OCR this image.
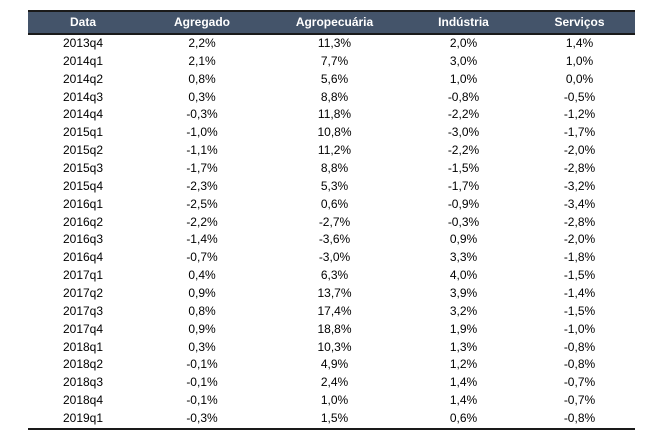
Data	Agregado	Agropecuária	Indústria	Serviços
2013q4	2,2%	11,3%	2,0%	1,4%
2014q1	2,1%	7,7%	3,0%	1,0%
2014q2	0,8%	5,6%	1,0%	0,0%
2014q3	0,3%	8,8%	-0,8%	-0,5%
2014q4	-0,3%	11,8%	-2,2%	-1,2%
2015q1	-1,0%	10,8%	-3,0%	-1,7%
2015q2	-1,1%	11,2%	-2,2%	-2,0%
2015q3	-1,7%	8,8%	-1,5%	-2,8%
2015q4	-2,3%	5,3%	-1,7%	-3,2%
2016q1	-2,5%	0,6%	-0,9%	-3,4%
2016q2	-2,2%	-2,7%	-0,3%	-2,8%
2016q3	-1,4%	-3,6%	0,9%	-2,0%
2016q4	-0,7%	-3,0%	3,3%	-1,8%
2017q1	0,4%	6,3%	4,0%	-1,5%
2017q2	0,9%	13,7%	3,9%	-1,4%
2017q3	0,8%	17,4%	3,2%	-1,5%
2017q4	0,9%	18,8%	1,9%	-1,0%
2018q1	0,3%	10,3%	1,3%	-0,8%
2018q2	-0,1%	4,9%	1,2%	-0,8%
2018q3	-0,1%	2,4%	1,4%	-0,7%
2018q4	-0,1%	1,0%	1,4%	-0,7%
2019q1	-0,3%	1,5%	0,6%	-0,8%
